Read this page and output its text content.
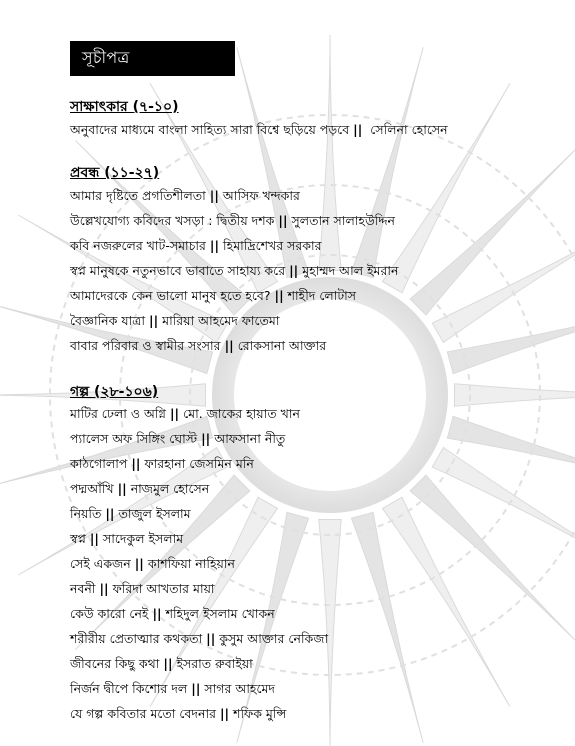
সূচীপত্র
সাক্ষাৎকার (৭-১০)
অনুবাদের মাধ্যমে বাংলা সাহিত্য সারা বিশ্বে ছড়িয়ে পড়বে || সেলিনা হোসেন
প্রবন্ধ (১১-২৭)
আমার দৃষ্টিতে প্রগতিশীলতা || আসিফ খন্দকার
উল্লেখযোগ্য কবিদের খসড়া : দ্বিতীয় দশক || সুলতান সালাহউদ্দিন
কবি নজরুলের খাট-সমাচার || হিমাদ্রিশেখর সরকার
স্বপ্ন মানুষকে নতুনভাবে ভাবাতে সাহায্য করে || মুহাম্মদ আল ইমরান
আমাদেরকে কেন ভালো মানুষ হতে হবে? || শাহীদ লোটাস
বৈজ্ঞানিক যাত্রা || মারিয়া আহমেদ ফাতেমা
বাবার পরিবার ও স্বামীর সংসার || রোকসানা আক্তার
গল্প (২৮-১০৬)
মাটির ঢেলা ও অগ্নি || মো. জাকের হায়াত খান
প্যালেস অফ সিঙ্গিং ঘোস্ট || আফসানা নীতু
কাঠগোলাপ || ফারহানা জেসমিন মনি
পদ্মআঁখি || নাজমুল হোসেন
নিয়তি || তাজুল ইসলাম
স্বপ্ন || সাদেকুল ইসলাম
সেই একজন || কাশফিয়া নাহিয়ান
নবনী || ফরিদা আখতার মায়া
কেউ কারো নেই || শহিদুল ইসলাম খোকন
শরীরীয় প্রেতাত্মার কথকতা || কুসুম আক্তার নেকিজা
জীবনের কিছু কথা || ইসরাত রুবাইয়া
নির্জন দ্বীপে কিশোর দল || সাগর আহমেদ
যে গল্প কবিতার মতো বেদনার || শফিক মুন্সি
